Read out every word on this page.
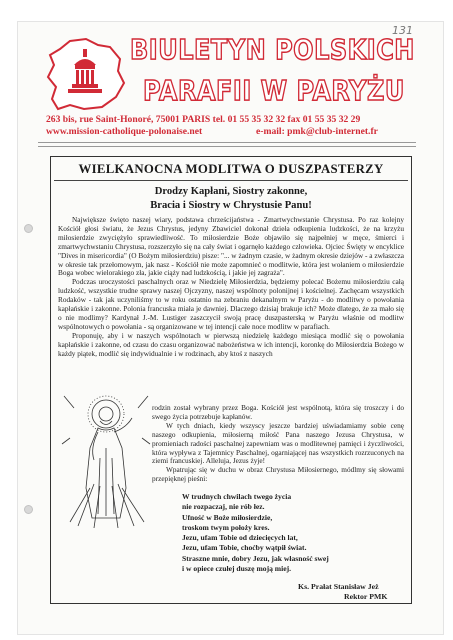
131
BIULETYN POLSKICH
PARAFII W PARYŻU
263 bis, rue Saint-Honoré, 75001 PARIS tel. 01 55 35 32 32 fax 01 55 35 32 29
www.mission-catholique-polonaise.net	e-mail: pmk@club-internet.fr
WIELKANOCNA MODLITWA O DUSZPASTERZY
Drodzy Kapłani, Siostry zakonne,
Bracia i Siostry w Chrystusie Panu!

Największe święto naszej wiary, podstawa chrześcijaństwa - Zmartwychwstanie Chrystusa. Po raz kolejny Kościół głosi światu, że Jezus Chrystus, jedyny Zbawiciel dokonał dzieła odkupienia ludzkości, że na krzyżu miłosierdzie zwyciężyło sprawiedliwość. To miłosierdzie Boże objawiło się najpełniej w męce, śmierci i zmartwychwstaniu Chrystusa, rozszerzyło się na cały świat i ogarnęło każdego człowieka. Ojciec Święty w encyklice "Dives in misericordia" (O Bożym miłosierdziu) pisze: "... w żadnym czasie, w żadnym okresie dziejów - a zwłaszcza w okresie tak przełomowym, jak nasz - Kościół nie może zapomnieć o modlitwie, która jest wołaniem o miłosierdzie Boga wobec wielorakiego zła, jakie ciąży nad ludzkością, i jakie jej zagraża".

Podczas uroczystości paschalnych oraz w Niedzielę Miłosierdzia, będziemy polecać Bożemu miłosierdziu całą ludzkość, wszystkie trudne sprawy naszej Ojczyzny, naszej wspólnoty polonijnej i kościelnej. Zachęcam wszystkich Rodaków - tak jak uczyniliśmy to w roku ostatnio na zebraniu dekanalnym w Paryżu - do modlitwy o powołania kapłańskie i zakonne. Polonia francuska miała je dawniej. Dlaczego dzisiaj brakuje ich? Może dlatego, że za mało się o nie modlimy? Kardynał J.-M. Lustiger zaszczycił swoją pracę duszpasterską w Paryżu właśnie od modlitw wspólnotowych o powołania - są organizowane w tej intencji całe noce modlitw w parafiach.

Proponuję, aby i w naszych wspólnotach w pierwszą niedzielę każdego miesiąca modlić się o powołania kapłańskie i zakonne, od czasu do czasu organizować nabożeństwa w ich intencji, koronkę do Miłosierdzia Bożego w każdy piątek, modlić się indywidualnie i w rodzinach, aby ktoś z naszych

rodzin został wybrany przez Boga. Kościół jest wspólnotą, która się troszczy i do swego życia potrzebuje kapłanów.

W tych dniach, kiedy wszyscy jeszcze bardziej uświadamiamy sobie cenę naszego odkupienia, miłosierną miłość Pana naszego Jezusa Chrystusa, w promieniach radości paschalnej zapewniam was o modlitewnej pamięci i życzliwości, która wypływa z Tajemnicy Paschalnej, ogarniającej nas wszystkich rozrzuconych na ziemi francuskiej. Alleluja, Jezus żyje!

Wpatrując się w duchu w obraz Chrystusa Miłosiernego, módlmy się słowami przepięknej pieśni:

W trudnych chwilach twego życia
nie rozpaczaj, nie rób łez.
Ufność w Boże miłosierdzie,
troskom twym położy kres.
Jezu, ufam Tobie od dziecięcych lat,
Jezu, ufam Tobie, choćby wątpił świat.
Straszne mnie, dobry Jezu, jak własność swej
i w opiece czułej duszę moją miej.
Ks. Prałat Stanisław Jeż
Rektor PMK
